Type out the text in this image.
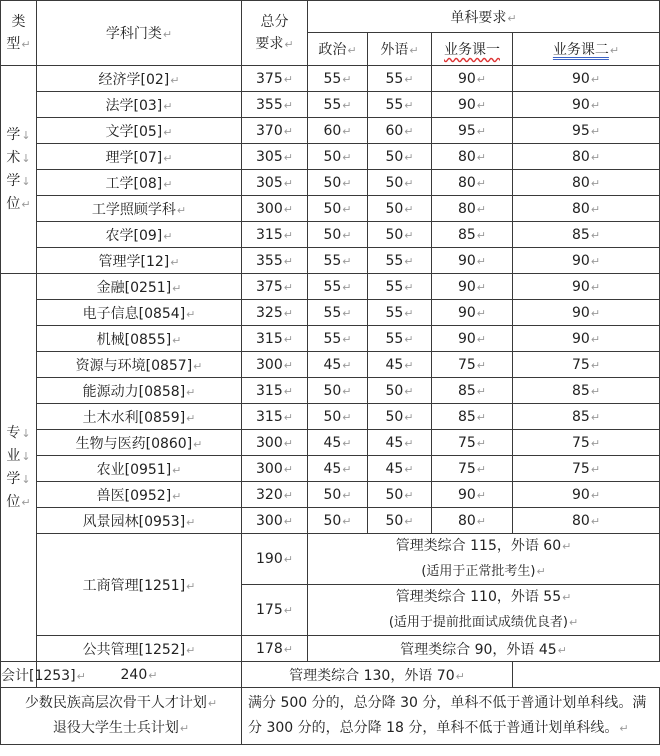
类
型↵	学科门类↵	总分
要求↵	单科要求↵			
			政治↵	外语↵	业务课一	业务课二↵

学↓
术↓
学↓
位↵	经济学[02]↵	375↵	55↵	55↵	90↵	90↵
	法学[03]↵	355↵	55↵	55↵	90↵	90↵
	文学[05]↵	370↵	60↵	60↵	95↵	95↵
	理学[07]↵	305↵	50↵	50↵	80↵	80↵
	工学[08]↵	305↵	50↵	50↵	80↵	80↵
	工学照顾学科↵	300↵	50↵	50↵	80↵	80↵
	农学[09]↵	315↵	50↵	50↵	85↵	85↵
	管理学[12]↵	355↵	55↵	55↵	90↵	90↵

专↓
业↓
学↓
位↵	金融[0251]↵	375↵	55↵	55↵	90↵	90↵
	电子信息[0854]↵	325↵	55↵	55↵	90↵	90↵
	机械[0855]↵	315↵	55↵	55↵	90↵	90↵
	资源与环境[0857]↵	300↵	45↵	45↵	75↵	75↵
	能源动力[0858]↵	315↵	50↵	50↵	85↵	85↵
	土木水利[0859]↵	315↵	50↵	50↵	85↵	85↵
	生物与医药[0860]↵	300↵	45↵	45↵	75↵	75↵
	农业[0951]↵	300↵	45↵	45↵	75↵	75↵
	兽医[0952]↵	320↵	50↵	50↵	90↵	90↵
	风景园林[0953]↵	300↵	50↵	50↵	80↵	80↵
	工商管理[1251]↵	190↵	管理类综合 115，外语 60↵
(适用于正常批考生)↵			

		175↵	管理类综合 110，外语 55↵
(适用于提前批面试成绩优良者)↵			

	公共管理[1252]↵	178↵	管理类综合 90，外语 45↵			
会计[1253]↵	240↵	管理类综合 130，外语 70↵				

少数民族高层次骨干人才计划↵
退役大学生士兵计划↵		满分 500 分的，总分降 30 分，单科不低于普通计划单科线。满分 300 分的，总分降 18 分，单科不低于普通计划单科线。↵				
